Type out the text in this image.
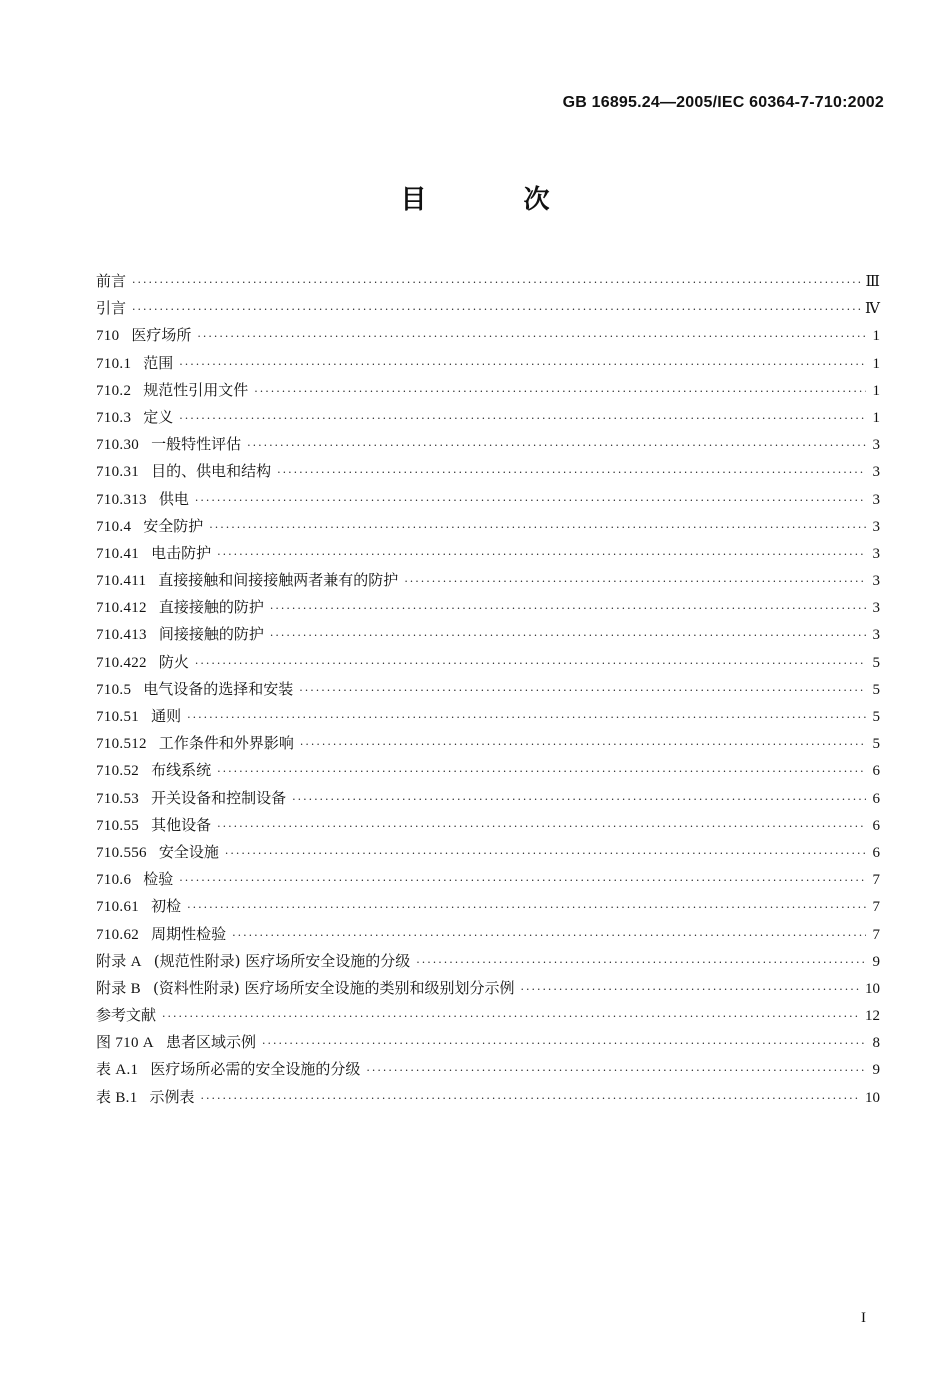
GB 16895.24—2005/IEC 60364-7-710:2002
目 次
前言 ·····	Ⅲ
引言 ·····	Ⅳ
710 医疗场所 ·····	1
710.1 范围 ·····	1
710.2 规范性引用文件 ·····	1
710.3 定义 ·····	1
710.30 一般特性评估 ·····	3
710.31 目的、供电和结构 ·····	3
710.313 供电 ·····	3
710.4 安全防护 ·····	3
710.41 电击防护 ·····	3
710.411 直接接触和间接接触两者兼有的防护 ·····	3
710.412 直接接触的防护 ·····	3
710.413 间接接触的防护 ·····	3
710.422 防火 ·····	5
710.5 电气设备的选择和安装 ·····	5
710.51 通则 ·····	5
710.512 工作条件和外界影响 ·····	5
710.52 布线系统 ·····	6
710.53 开关设备和控制设备 ·····	6
710.55 其他设备 ·····	6
710.556 安全设施 ·····	6
710.6 检验 ·····	7
710.61 初检 ·····	7
710.62 周期性检验 ·····	7
附录 A (规范性附录) 医疗场所安全设施的分级 ·····	9
附录 B (资料性附录) 医疗场所安全设施的类别和级别划分示例 ·····	10
参考文献 ·····	12
图 710 A 患者区域示例 ·····	8
表 A.1 医疗场所必需的安全设施的分级 ·····	9
表 B.1 示例表 ·····	10
I
